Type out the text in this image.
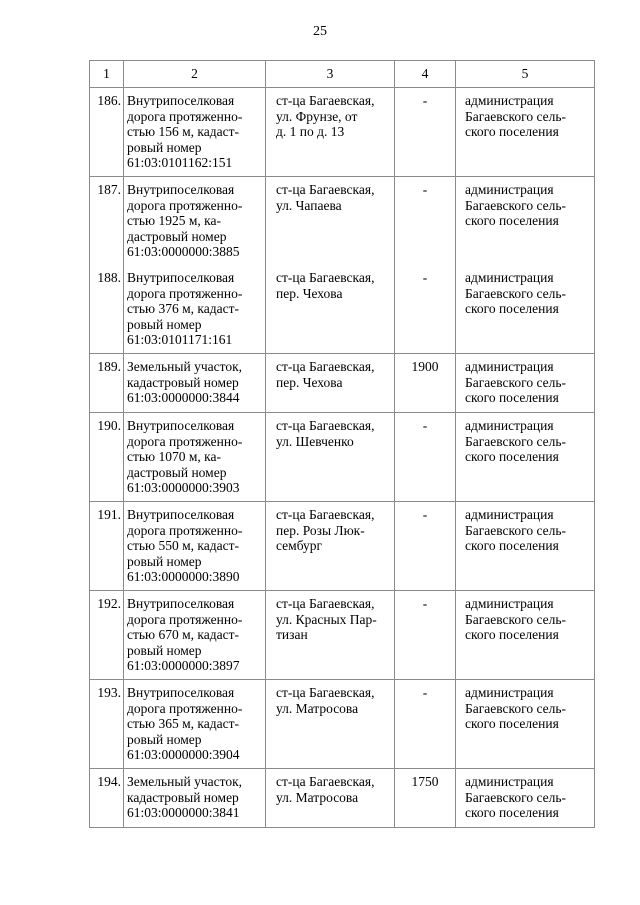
25
1	2	3	4	5

186.	Внутрипоселковая
дорога протяженно-
стью 156 м, кадаст-
ровый номер
61:03:0101162:151	ст-ца Багаевская,
ул. Фрунзе, от
д. 1 по д. 13	-	администрация
Багаевского сель-
ского поселения

187.	Внутрипоселковая
дорога протяженно-
стью 1925 м, ка-
дастровый номер
61:03:0000000:3885	ст-ца Багаевская,
ул. Чапаева	-	администрация
Багаевского сель-
ского поселения

188.	Внутрипоселковая
дорога протяженно-
стью 376 м, кадаст-
ровый номер
61:03:0101171:161	ст-ца Багаевская,
пер. Чехова	-	администрация
Багаевского сель-
ского поселения

189.	Земельный участок,
кадастровый номер
61:03:0000000:3844	ст-ца Багаевская,
пер. Чехова	1900	администрация
Багаевского сель-
ского поселения

190.	Внутрипоселковая
дорога протяженно-
стью 1070 м, ка-
дастровый номер
61:03:0000000:3903	ст-ца Багаевская,
ул. Шевченко	-	администрация
Багаевского сель-
ского поселения

191.	Внутрипоселковая
дорога протяженно-
стью 550 м, кадаст-
ровый номер
61:03:0000000:3890	ст-ца Багаевская,
пер. Розы Люк-
сембург	-	администрация
Багаевского сель-
ского поселения

192.	Внутрипоселковая
дорога протяженно-
стью 670 м, кадаст-
ровый номер
61:03:0000000:3897	ст-ца Багаевская,
ул. Красных Пар-
тизан	-	администрация
Багаевского сель-
ского поселения

193.	Внутрипоселковая
дорога протяженно-
стью 365 м, кадаст-
ровый номер
61:03:0000000:3904	ст-ца Багаевская,
ул. Матросова	-	администрация
Багаевского сель-
ского поселения

194.	Земельный участок,
кадастровый номер
61:03:0000000:3841	ст-ца Багаевская,
ул. Матросова	1750	администрация
Багаевского сель-
ского поселения
